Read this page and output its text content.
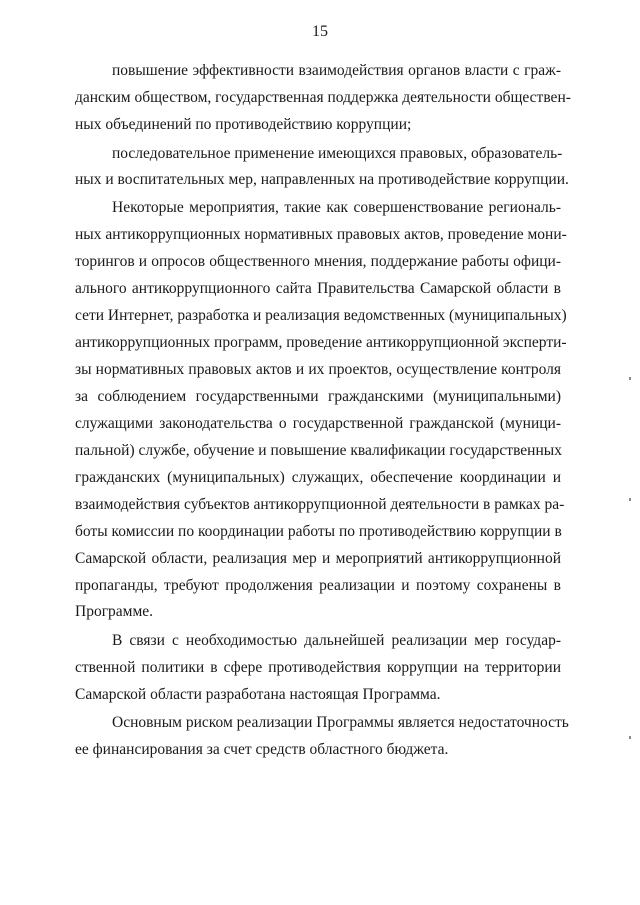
15
повышение эффективности взаимодействия органов власти с граж-
данским обществом, государственная поддержка деятельности обществен-
ных объединений по противодействию коррупции;
последовательное применение имеющихся правовых, образователь-
ных и воспитательных мер, направленных на противодействие коррупции.
Некоторые мероприятия, такие как совершенствование региональ-
ных антикоррупционных нормативных правовых актов, проведение мони-
торингов и опросов общественного мнения, поддержание работы офици-
ального антикоррупционного сайта Правительства Самарской области в
сети Интернет, разработка и реализация ведомственных (муниципальных)
антикоррупционных программ, проведение антикоррупционной эксперти-
зы нормативных правовых актов и их проектов, осуществление контроля
за соблюдением государственными гражданскими (муниципальными)
служащими законодательства о государственной гражданской (муници-
пальной) службе, обучение и повышение квалификации государственных
гражданских (муниципальных) служащих, обеспечение координации и
взаимодействия субъектов антикоррупционной деятельности в рамках ра-
боты комиссии по координации работы по противодействию коррупции в
Самарской области, реализация мер и мероприятий антикоррупционной
пропаганды, требуют продолжения реализации и поэтому сохранены в
Программе.
В связи с необходимостью дальнейшей реализации мер государ-
ственной политики в сфере противодействия коррупции на территории
Самарской области разработана настоящая Программа.
Основным риском реализации Программы является недостаточность
ее финансирования за счет средств областного бюджета.
